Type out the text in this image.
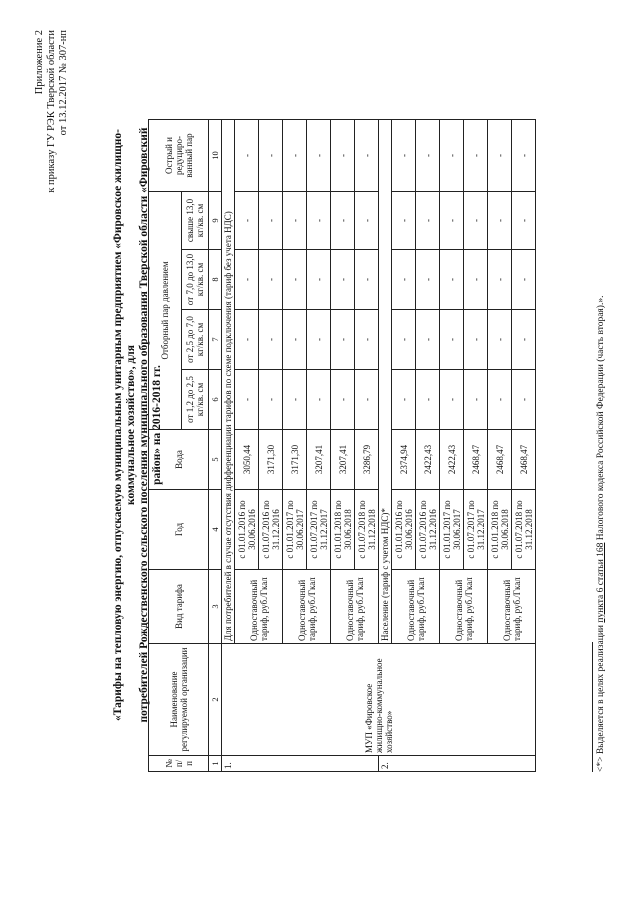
Приложение 2 к приказу ГУ РЭК Тверской области от 13.12.2017 № 307-нп
«Тарифы на тепловую энергию, отпускаемую муниципальным унитарным предприятием «Фировское жилищно-коммунальное хозяйство», для потребителей Рождественского сельского поселения муниципального образования Тверской области «Фировский район» на 2016-2018 гг.
№ п/ п	Наименование регулируемой организации	Вид тарифа	Год	Вода	Отборный пар давлением				Острый и редуциро-ванный пар
					от 1,2 до 2,5 кг/кв. см	от 2,5 до 7,0 кг/кв. см	от 7,0 до 13,0 кг/кв. см	свыше 13,0 кг/кв. см	
1	2	3	4	5	6	7	8	9	10
1.	МУП «Фировское жилищно-коммунальное хозяйство»	Для потребителей в случае отсутствия дифференциации тарифов по схеме подключения (тариф без учета НДС)							
		Одноставочный тариф, руб./Гкал	с 01.01.2016 по 30.06.2016	3050,44	-	-	-	-	-
			с 01.07.2016 по 31.12.2016	3171,30	-	-	-	-	-
		Одноставочный тариф, руб./Гкал	с 01.01.2017 по 30.06.2017	3171,30	-	-	-	-	-
			с 01.07.2017 по 31.12.2017	3207,41	-	-	-	-	-
		Одноставочный тариф, руб./Гкал	с 01.01.2018 по 30.06.2018	3207,41	-	-	-	-	-
			с 01.07.2018 по 31.12.2018	3286,79	-	-	-	-	-
2.		Население (тариф с учетом НДС)*							
		Одноставочный тариф, руб./Гкал	с 01.01.2016 по 30.06.2016	2374,94	-	-	-	-	-
			с 01.07.2016 по 31.12.2016	2422,43	-	-	-	-	-
		Одноставочный тариф, руб./Гкал	с 01.01.2017 по 30.06.2017	2422,43	-	-	-	-	-
			с 01.07.2017 по 31.12.2017	2468,47	-	-	-	-	-
		Одноставочный тариф, руб./Гкал	с 01.01.2018 по 30.06.2018	2468,47	-	-	-	-	-
			с 01.07.2018 по 31.12.2018	2468,47	-	-	-	-	-
<*> Выделяется в целях реализации пункта 6 статьи 168 Налогового кодекса Российской Федерации (часть вторая).».
